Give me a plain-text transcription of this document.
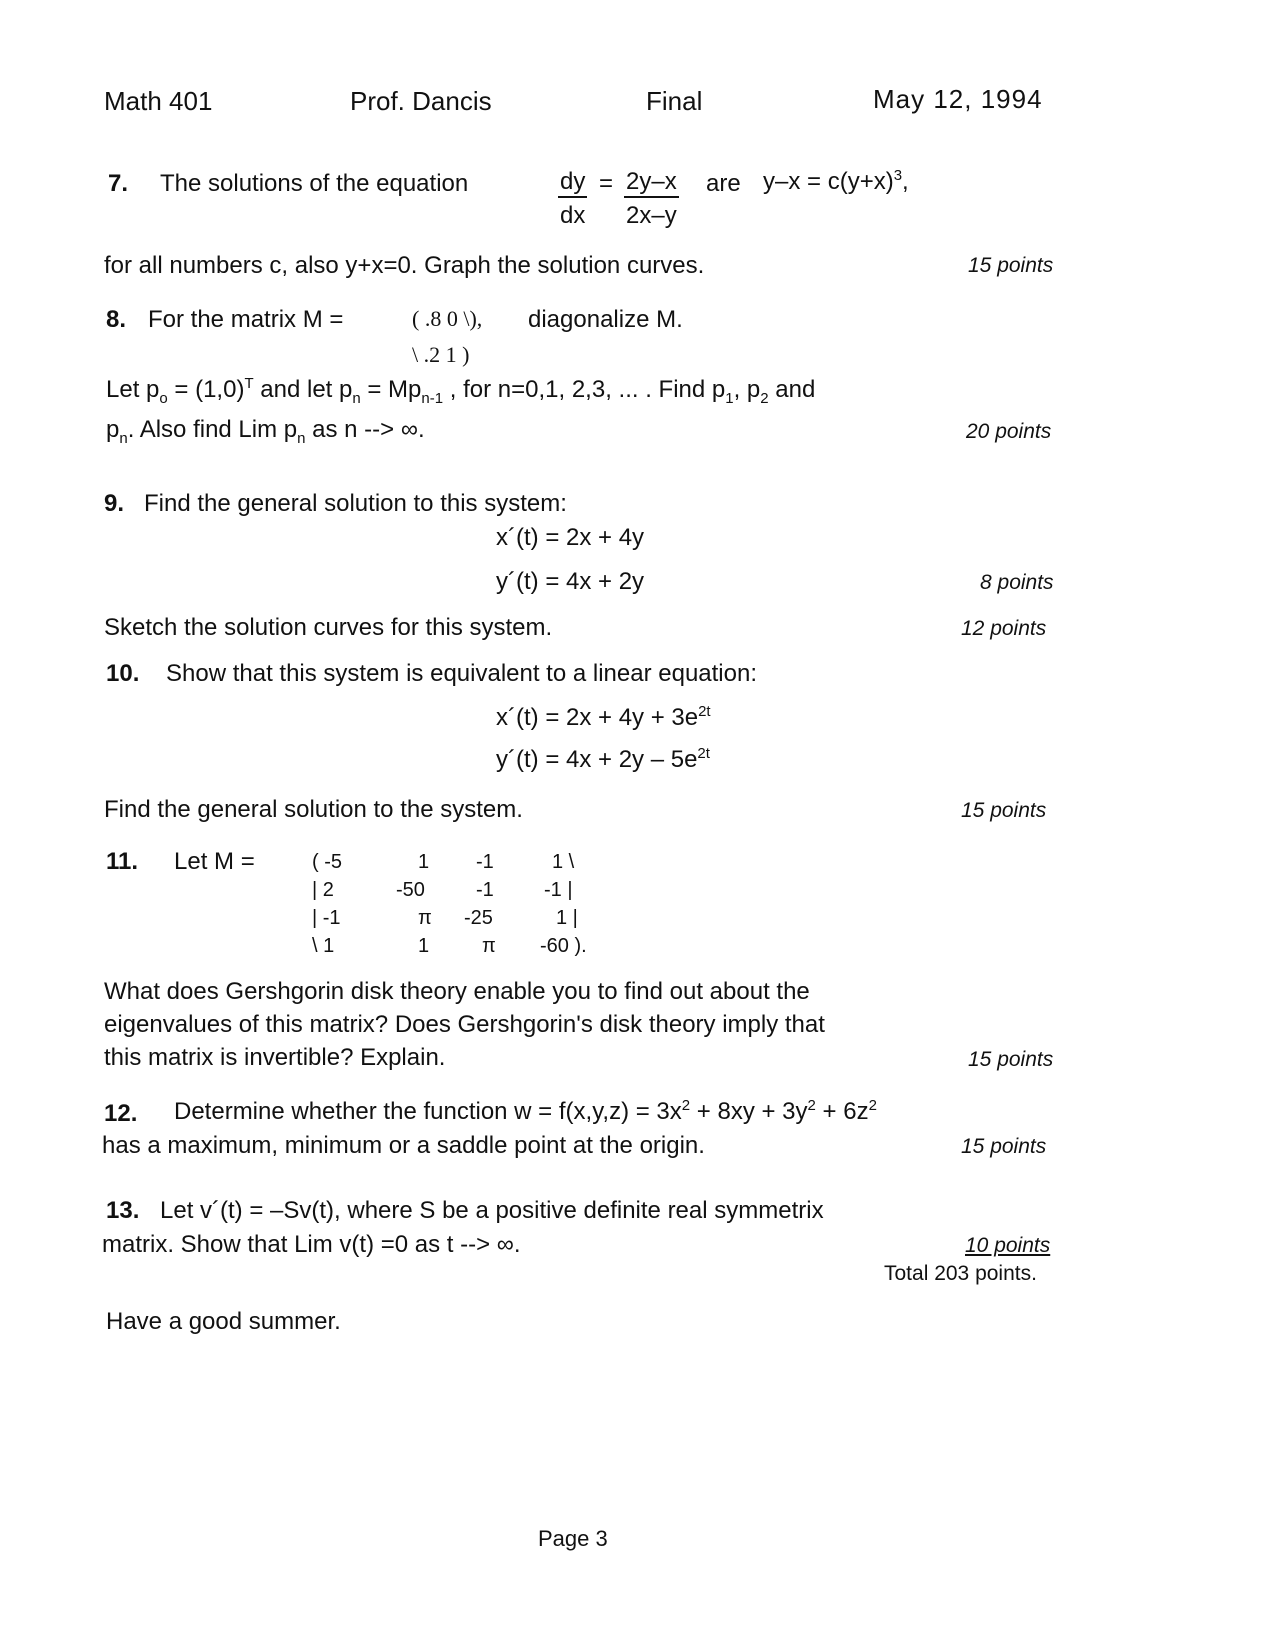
Math 401	Prof. Dancis	Final	May 12, 1994
7. The solutions of the equation	$\frac{dy}{dx} = \frac{2y-x}{2x-y}$ are $y-x = c(y+x)^3$,
for all numbers c, also y+x=0. Graph the solution curves.	15 points
8. For the matrix M =	( .8 0 \),
\ .2 1 )
diagonalize M.
Let $p_o = (1,0)^T$ and let $p_n = Mp_{n-1}$ , for n=0,1, 2,3, ... . Find $p_1$, $p_2$ and
$p_n$. Also find Lim $p_n$ as n --> ∞.	20 points
9. Find the general solution to this system:
x´(t) = 2x + 4y
y´(t) = 4x + 2y	8 points
Sketch the solution curves for this system.	12 points
10. Show that this system is equivalent to a linear equation:
x´(t) = $2x + 4y + 3e^{2t}$
y´(t) = $4x + 2y - 5e^{2t}$
Find the general solution to the system.	15 points
11. Let M =	( -5	1 -1	1 \
| 2	-50	-1	-1 |
| -1	π -25	1 |
\ 1	1	π -60 ).
What does Gershgorin disk theory enable you to find out about the
eigenvalues of this matrix? Does Gershgorin's disk theory imply that
this matrix is invertible? Explain.	15 points
12. Determine whether the function $w = f(x,y,z) = 3x^2 + 8xy + 3y^2 + 6z^2$
has a maximum, minimum or a saddle point at the origin.	15 points
13. Let v´(t) = –Sv(t), where S be a positive definite real symmetrix
matrix. Show that Lim v(t) =0 as t --> ∞.	10 points
Total 203 points.
Have a good summer.
Page 3
